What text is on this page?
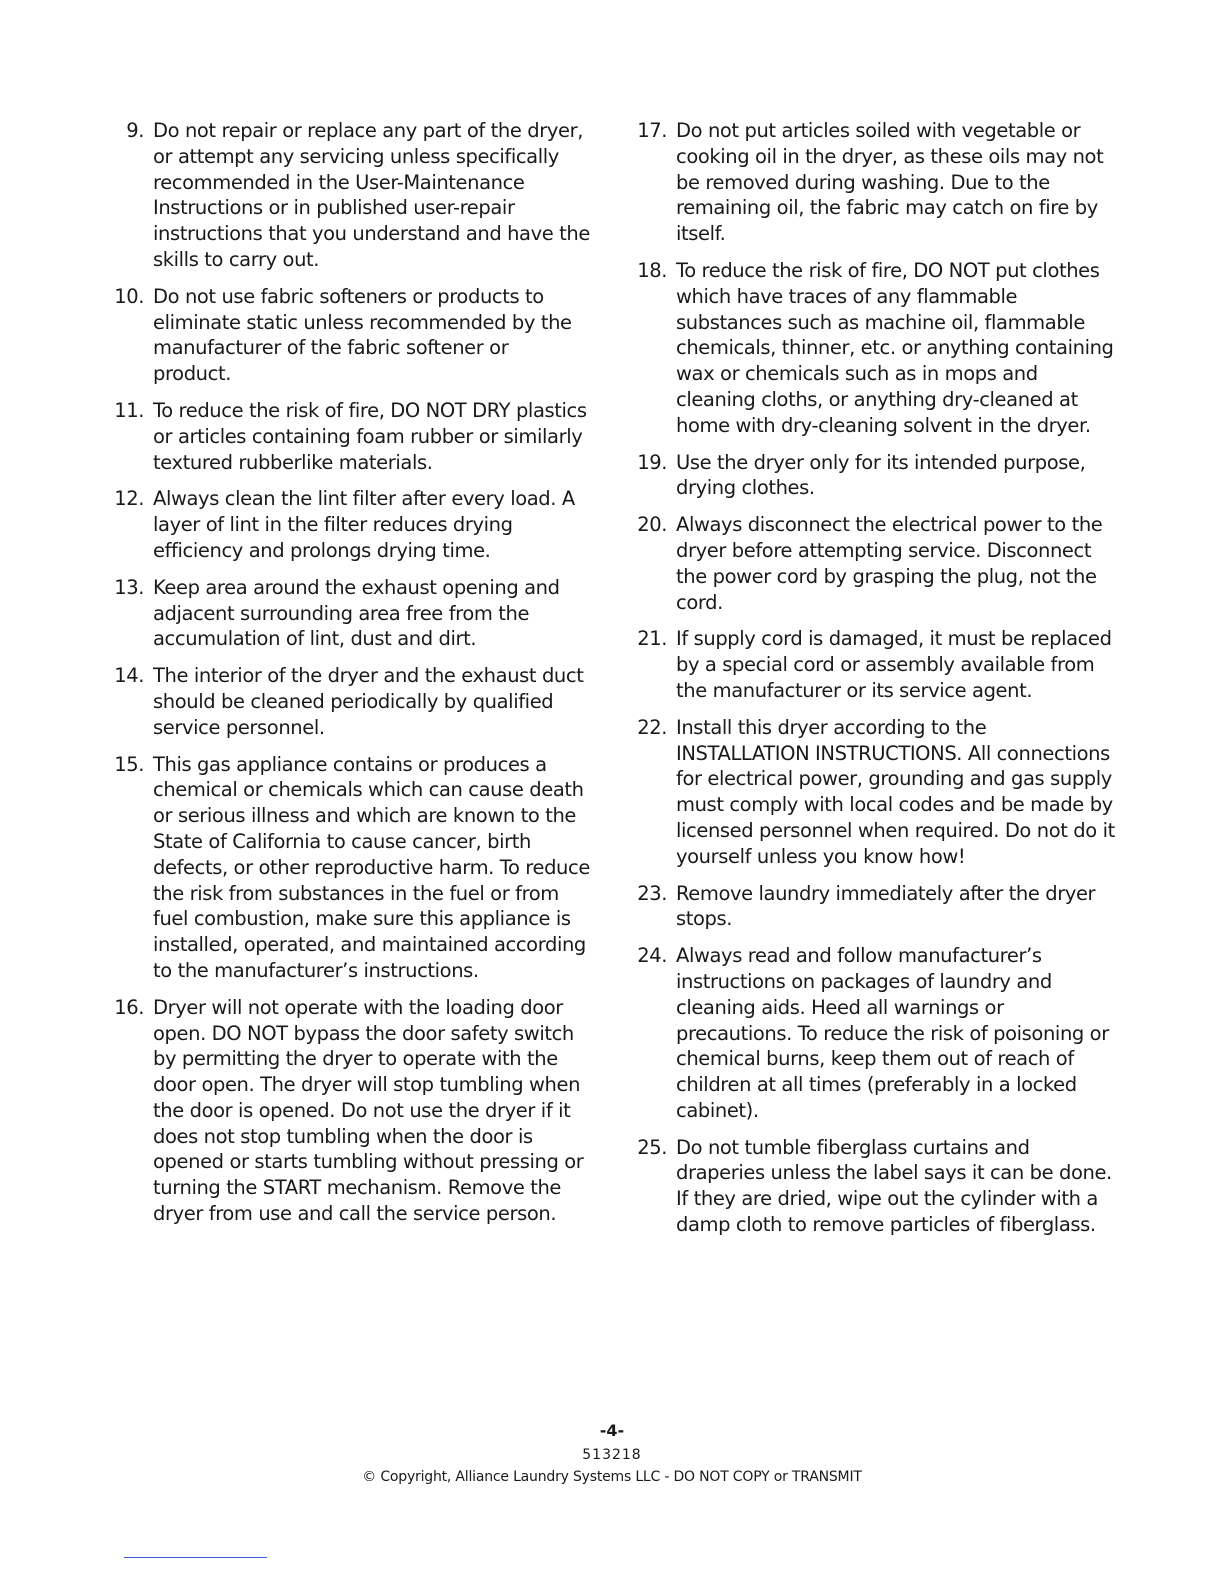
9. Do not repair or replace any part of the dryer, or attempt any servicing unless specifically recommended in the User-Maintenance Instructions or in published user-repair instructions that you understand and have the skills to carry out.
10. Do not use fabric softeners or products to eliminate static unless recommended by the manufacturer of the fabric softener or product.
11. To reduce the risk of fire, DO NOT DRY plastics or articles containing foam rubber or similarly textured rubberlike materials.
12. Always clean the lint filter after every load. A layer of lint in the filter reduces drying efficiency and prolongs drying time.
13. Keep area around the exhaust opening and adjacent surrounding area free from the accumulation of lint, dust and dirt.
14. The interior of the dryer and the exhaust duct should be cleaned periodically by qualified service personnel.
15. This gas appliance contains or produces a chemical or chemicals which can cause death or serious illness and which are known to the State of California to cause cancer, birth defects, or other reproductive harm. To reduce the risk from substances in the fuel or from fuel combustion, make sure this appliance is installed, operated, and maintained according to the manufacturer’s instructions.
16. Dryer will not operate with the loading door open. DO NOT bypass the door safety switch by permitting the dryer to operate with the door open. The dryer will stop tumbling when the door is opened. Do not use the dryer if it does not stop tumbling when the door is opened or starts tumbling without pressing or turning the START mechanism. Remove the dryer from use and call the service person.
17. Do not put articles soiled with vegetable or cooking oil in the dryer, as these oils may not be removed during washing. Due to the remaining oil, the fabric may catch on fire by itself.
18. To reduce the risk of fire, DO NOT put clothes which have traces of any flammable substances such as machine oil, flammable chemicals, thinner, etc. or anything containing wax or chemicals such as in mops and cleaning cloths, or anything dry-cleaned at home with dry-cleaning solvent in the dryer.
19. Use the dryer only for its intended purpose, drying clothes.
20. Always disconnect the electrical power to the dryer before attempting service. Disconnect the power cord by grasping the plug, not the cord.
21. If supply cord is damaged, it must be replaced by a special cord or assembly available from the manufacturer or its service agent.
22. Install this dryer according to the INSTALLATION INSTRUCTIONS. All connections for electrical power, grounding and gas supply must comply with local codes and be made by licensed personnel when required. Do not do it yourself unless you know how!
23. Remove laundry immediately after the dryer stops.
24. Always read and follow manufacturer’s instructions on packages of laundry and cleaning aids. Heed all warnings or precautions. To reduce the risk of poisoning or chemical burns, keep them out of reach of children at all times (preferably in a locked cabinet).
25. Do not tumble fiberglass curtains and draperies unless the label says it can be done. If they are dried, wipe out the cylinder with a damp cloth to remove particles of fiberglass.
-4-
513218
© Copyright, Alliance Laundry Systems LLC - DO NOT COPY or TRANSMIT
